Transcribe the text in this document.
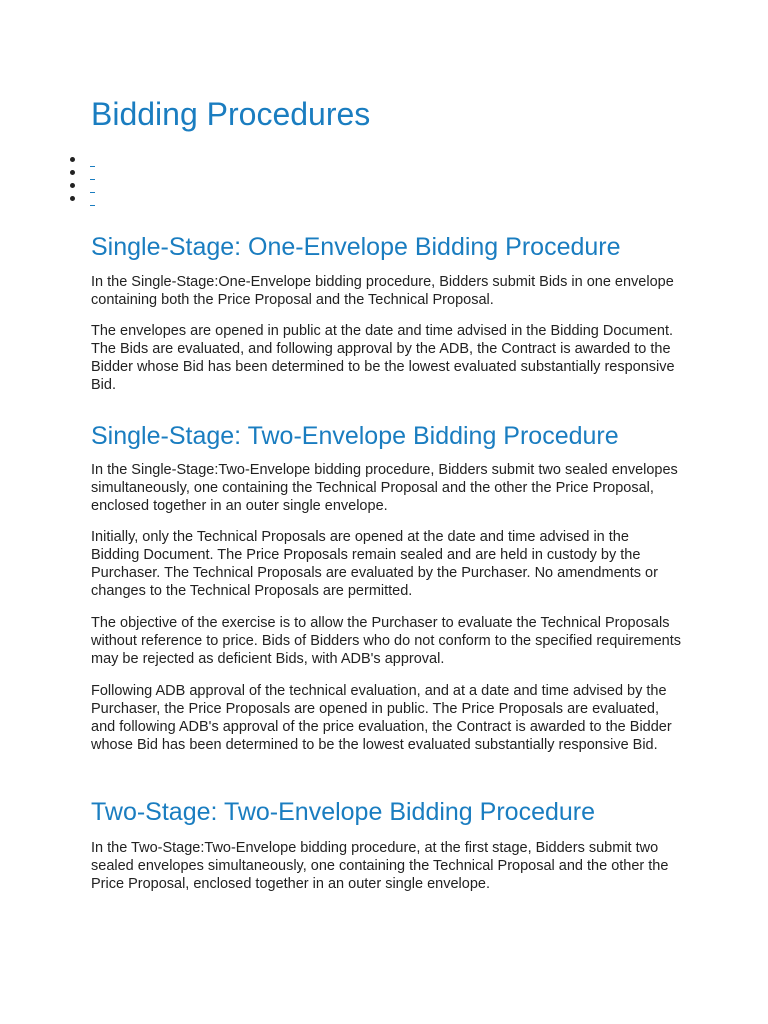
Bidding Procedures
Single-Stage: One-Envelope Bidding Procedure

In the Single-Stage:One-Envelope bidding procedure, Bidders submit Bids in one envelope containing both the Price Proposal and the Technical Proposal.

The envelopes are opened in public at the date and time advised in the Bidding Document. The Bids are evaluated, and following approval by the ADB, the Contract is awarded to the Bidder whose Bid has been determined to be the lowest evaluated substantially responsive Bid.

Single-Stage: Two-Envelope Bidding Procedure

In the Single-Stage:Two-Envelope bidding procedure, Bidders submit two sealed envelopes simultaneously, one containing the Technical Proposal and the other the Price Proposal, enclosed together in an outer single envelope.

Initially, only the Technical Proposals are opened at the date and time advised in the Bidding Document. The Price Proposals remain sealed and are held in custody by the Purchaser. The Technical Proposals are evaluated by the Purchaser. No amendments or changes to the Technical Proposals are permitted.

The objective of the exercise is to allow the Purchaser to evaluate the Technical Proposals without reference to price. Bids of Bidders who do not conform to the specified requirements may be rejected as deficient Bids, with ADB's approval.

Following ADB approval of the technical evaluation, and at a date and time advised by the Purchaser, the Price Proposals are opened in public. The Price Proposals are evaluated, and following ADB's approval of the price evaluation, the Contract is awarded to the Bidder whose Bid has been determined to be the lowest evaluated substantially responsive Bid.

Two-Stage: Two-Envelope Bidding Procedure

In the Two-Stage:Two-Envelope bidding procedure, at the first stage, Bidders submit two sealed envelopes simultaneously, one containing the Technical Proposal and the other the Price Proposal, enclosed together in an outer single envelope.
